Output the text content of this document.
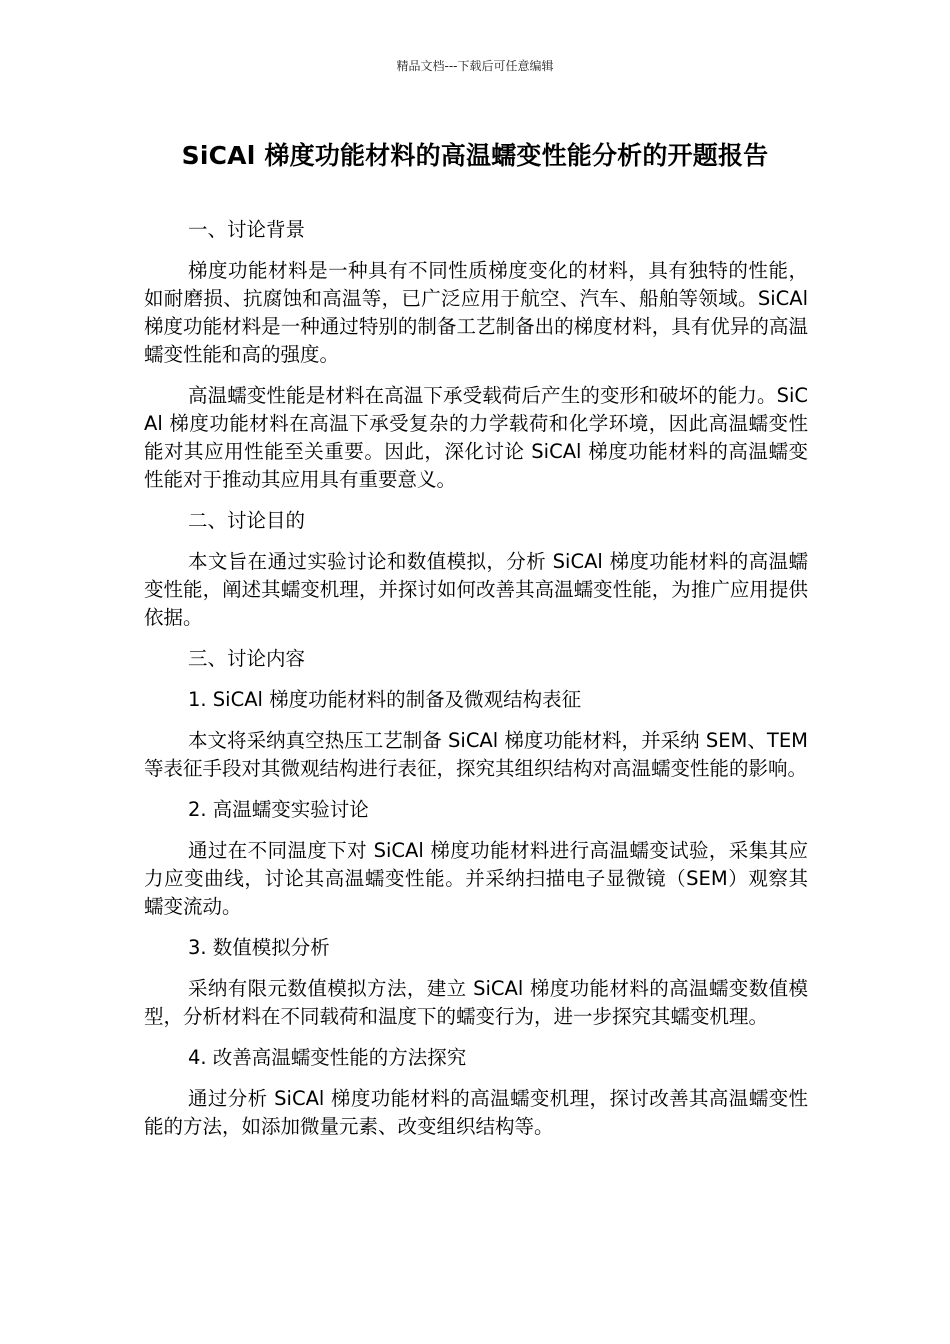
精品文档---下载后可任意编辑
SiCAl 梯度功能材料的高温蠕变性能分析的开题报告

一、讨论背景

梯度功能材料是一种具有不同性质梯度变化的材料，具有独特的性能，如耐磨损、抗腐蚀和高温等，已广泛应用于航空、汽车、船舶等领域。SiCAl 梯度功能材料是一种通过特别的制备工艺制备出的梯度材料，具有优异的高温蠕变性能和高的强度。

高温蠕变性能是材料在高温下承受载荷后产生的变形和破坏的能力。SiCAl 梯度功能材料在高温下承受复杂的力学载荷和化学环境，因此高温蠕变性能对其应用性能至关重要。因此，深化讨论 SiCAl 梯度功能材料的高温蠕变性能对于推动其应用具有重要意义。

二、讨论目的

本文旨在通过实验讨论和数值模拟，分析 SiCAl 梯度功能材料的高温蠕变性能，阐述其蠕变机理，并探讨如何改善其高温蠕变性能，为推广应用提供依据。

三、讨论内容

1. SiCAl 梯度功能材料的制备及微观结构表征

本文将采纳真空热压工艺制备 SiCAl 梯度功能材料，并采纳 SEM、TEM 等表征手段对其微观结构进行表征，探究其组织结构对高温蠕变性能的影响。

2. 高温蠕变实验讨论

通过在不同温度下对 SiCAl 梯度功能材料进行高温蠕变试验，采集其应力应变曲线，讨论其高温蠕变性能。并采纳扫描电子显微镜（SEM）观察其蠕变流动。

3. 数值模拟分析

采纳有限元数值模拟方法，建立 SiCAl 梯度功能材料的高温蠕变数值模型，分析材料在不同载荷和温度下的蠕变行为，进一步探究其蠕变机理。

4. 改善高温蠕变性能的方法探究

通过分析 SiCAl 梯度功能材料的高温蠕变机理，探讨改善其高温蠕变性能的方法，如添加微量元素、改变组织结构等。
